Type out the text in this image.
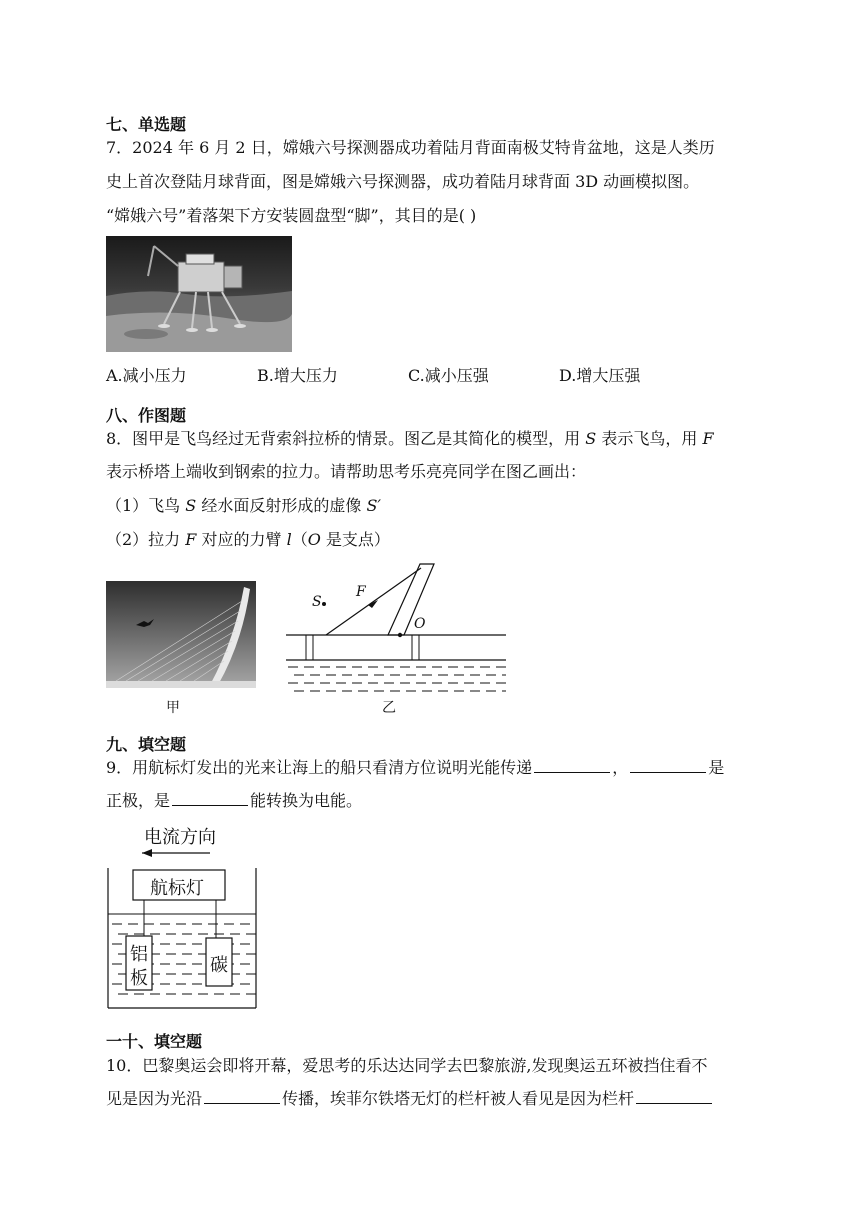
七、单选题
7．2024 年 6 月 2 日，嫦娥六号探测器成功着陆月背面南极艾特肯盆地，这是人类历
史上首次登陆月球背面，图是嫦娥六号探测器，成功着陆月球背面 3D 动画模拟图。
“嫦娥六号”着落架下方安装圆盘型“脚”，其目的是( )
A.减小压力	B.增大压力	C.减小压强	D.增大压强
八、作图题
8．图甲是飞鸟经过无背索斜拉桥的情景。图乙是其简化的模型，用 S 表示飞鸟，用 F
表示桥塔上端收到钢索的拉力。请帮助思考乐亮亮同学在图乙画出：
（1）飞鸟 S 经水面反射形成的虚像 S′
（2）拉力 F 对应的力臂 l（O 是支点）
甲
S
F
O
乙
九、填空题
9．用航标灯发出的光来让海上的船只看清方位说明光能传递	，	是
正极，是	能转换为电能。
电流方向
航标灯
铝
板
碳
一十、填空题
10．巴黎奥运会即将开幕，爱思考的乐达达同学去巴黎旅游,发现奥运五环被挡住看不
见是因为光沿	传播，埃菲尔铁塔无灯的栏杆被人看见是因为栏杆
